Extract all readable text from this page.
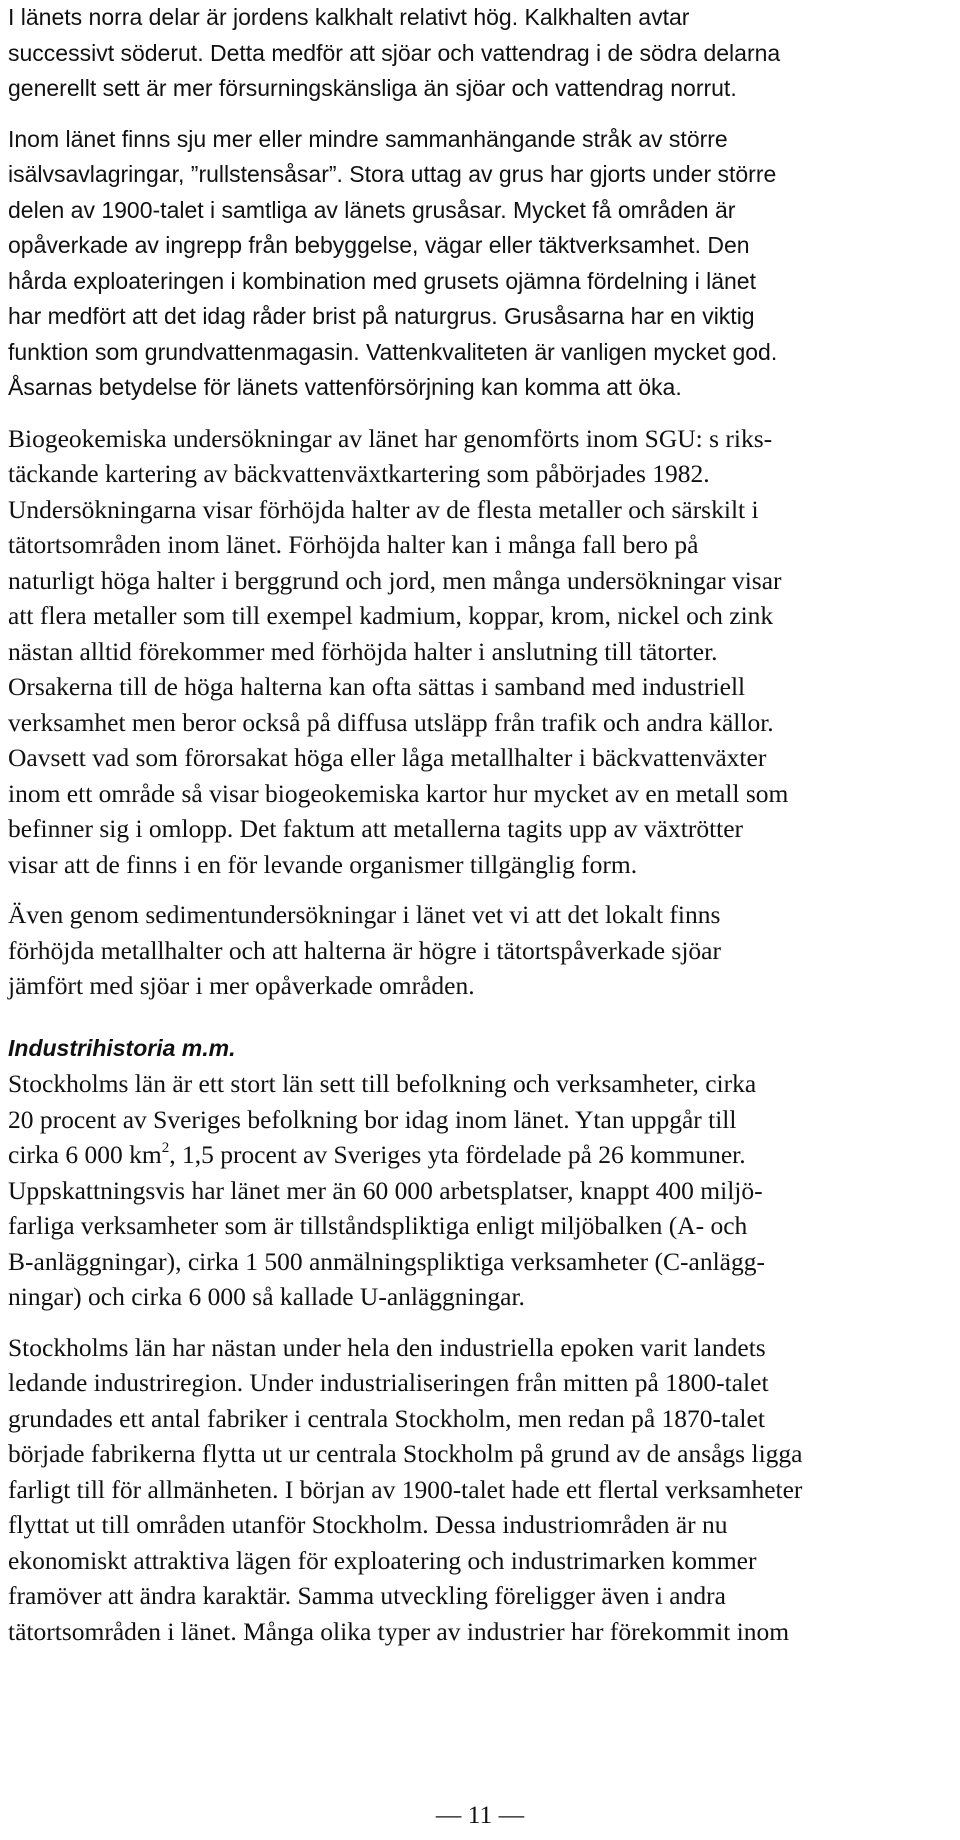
I länets norra delar är jordens kalkhalt relativt hög. Kalkhalten avtar
successivt söderut. Detta medför att sjöar och vattendrag i de södra delarna
generellt sett är mer försurningskänsliga än sjöar och vattendrag norrut.

Inom länet finns sju mer eller mindre sammanhängande stråk av större
isälvsavlagringar, ”rullstensåsar”. Stora uttag av grus har gjorts under större
delen av 1900-talet i samtliga av länets grusåsar. Mycket få områden är
opåverkade av ingrepp från bebyggelse, vägar eller täktverksamhet. Den
hårda exploateringen i kombination med grusets ojämna fördelning i länet
har medfört att det idag råder brist på naturgrus. Grusåsarna har en viktig
funktion som grundvattenmagasin. Vattenkvaliteten är vanligen mycket god.
Åsarnas betydelse för länets vattenförsörjning kan komma att öka.

Biogeokemiska undersökningar av länet har genomförts inom SGU: s riks-
täckande kartering av bäckvattenväxtkartering som påbörjades 1982.
Undersökningarna visar förhöjda halter av de flesta metaller och särskilt i
tätortsområden inom länet. Förhöjda halter kan i många fall bero på
naturligt höga halter i berggrund och jord, men många undersökningar visar
att flera metaller som till exempel kadmium, koppar, krom, nickel och zink
nästan alltid förekommer med förhöjda halter i anslutning till tätorter.
Orsakerna till de höga halterna kan ofta sättas i samband med industriell
verksamhet men beror också på diffusa utsläpp från trafik och andra källor.
Oavsett vad som förorsakat höga eller låga metallhalter i bäckvattenväxter
inom ett område så visar biogeokemiska kartor hur mycket av en metall som
befinner sig i omlopp. Det faktum att metallerna tagits upp av växtrötter
visar att de finns i en för levande organismer tillgänglig form.

Även genom sedimentundersökningar i länet vet vi att det lokalt finns
förhöjda metallhalter och att halterna är högre i tätortspåverkade sjöar
jämfört med sjöar i mer opåverkade områden.

Industrihistoria m.m.

Stockholms län är ett stort län sett till befolkning och verksamheter, cirka
20 procent av Sveriges befolkning bor idag inom länet. Ytan uppgår till
cirka 6 000 $km^2$, 1,5 procent av Sveriges yta fördelade på 26 kommuner.
Uppskattningsvis har länet mer än 60 000 arbetsplatser, knappt 400 miljö-
farliga verksamheter som är tillståndspliktiga enligt miljöbalken (A- och
B-anläggningar), cirka 1 500 anmälningspliktiga verksamheter (C-anlägg-
ningar) och cirka 6 000 så kallade U-anläggningar.

Stockholms län har nästan under hela den industriella epoken varit landets
ledande industriregion. Under industrialiseringen från mitten på 1800-talet
grundades ett antal fabriker i centrala Stockholm, men redan på 1870-talet
började fabrikerna flytta ut ur centrala Stockholm på grund av de ansågs ligga
farligt till för allmänheten. I början av 1900-talet hade ett flertal verksamheter
flyttat ut till områden utanför Stockholm. Dessa industriområden är nu
ekonomiskt attraktiva lägen för exploatering och industrimarken kommer
framöver att ändra karaktär. Samma utveckling föreligger även i andra
tätortsområden i länet. Många olika typer av industrier har förekommit inom

— 11 —
